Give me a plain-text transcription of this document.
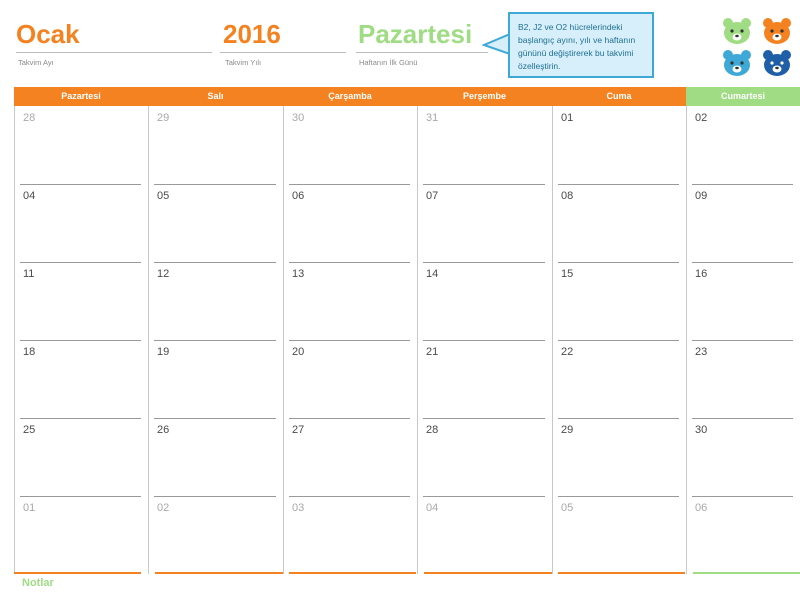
Ocak
Takvim Ayı
2016
Takvim Yılı
Pazartesi
Haftanın İlk Günü
B2, J2 ve O2 hücrelerindeki başlangıç ayını, yılı ve haftanın gününü değiştirerek bu takvimi özelleştirin.
Pazartesi	Salı	Çarşamba	Perşembe	Cuma	Cumartesi
28	29	30	31	01	02
04	05	06	07	08	09
11	12	13	14	15	16
18	19	20	21	22	23
25	26	27	28	29	30
01	02	03	04	05	06
Notlar
